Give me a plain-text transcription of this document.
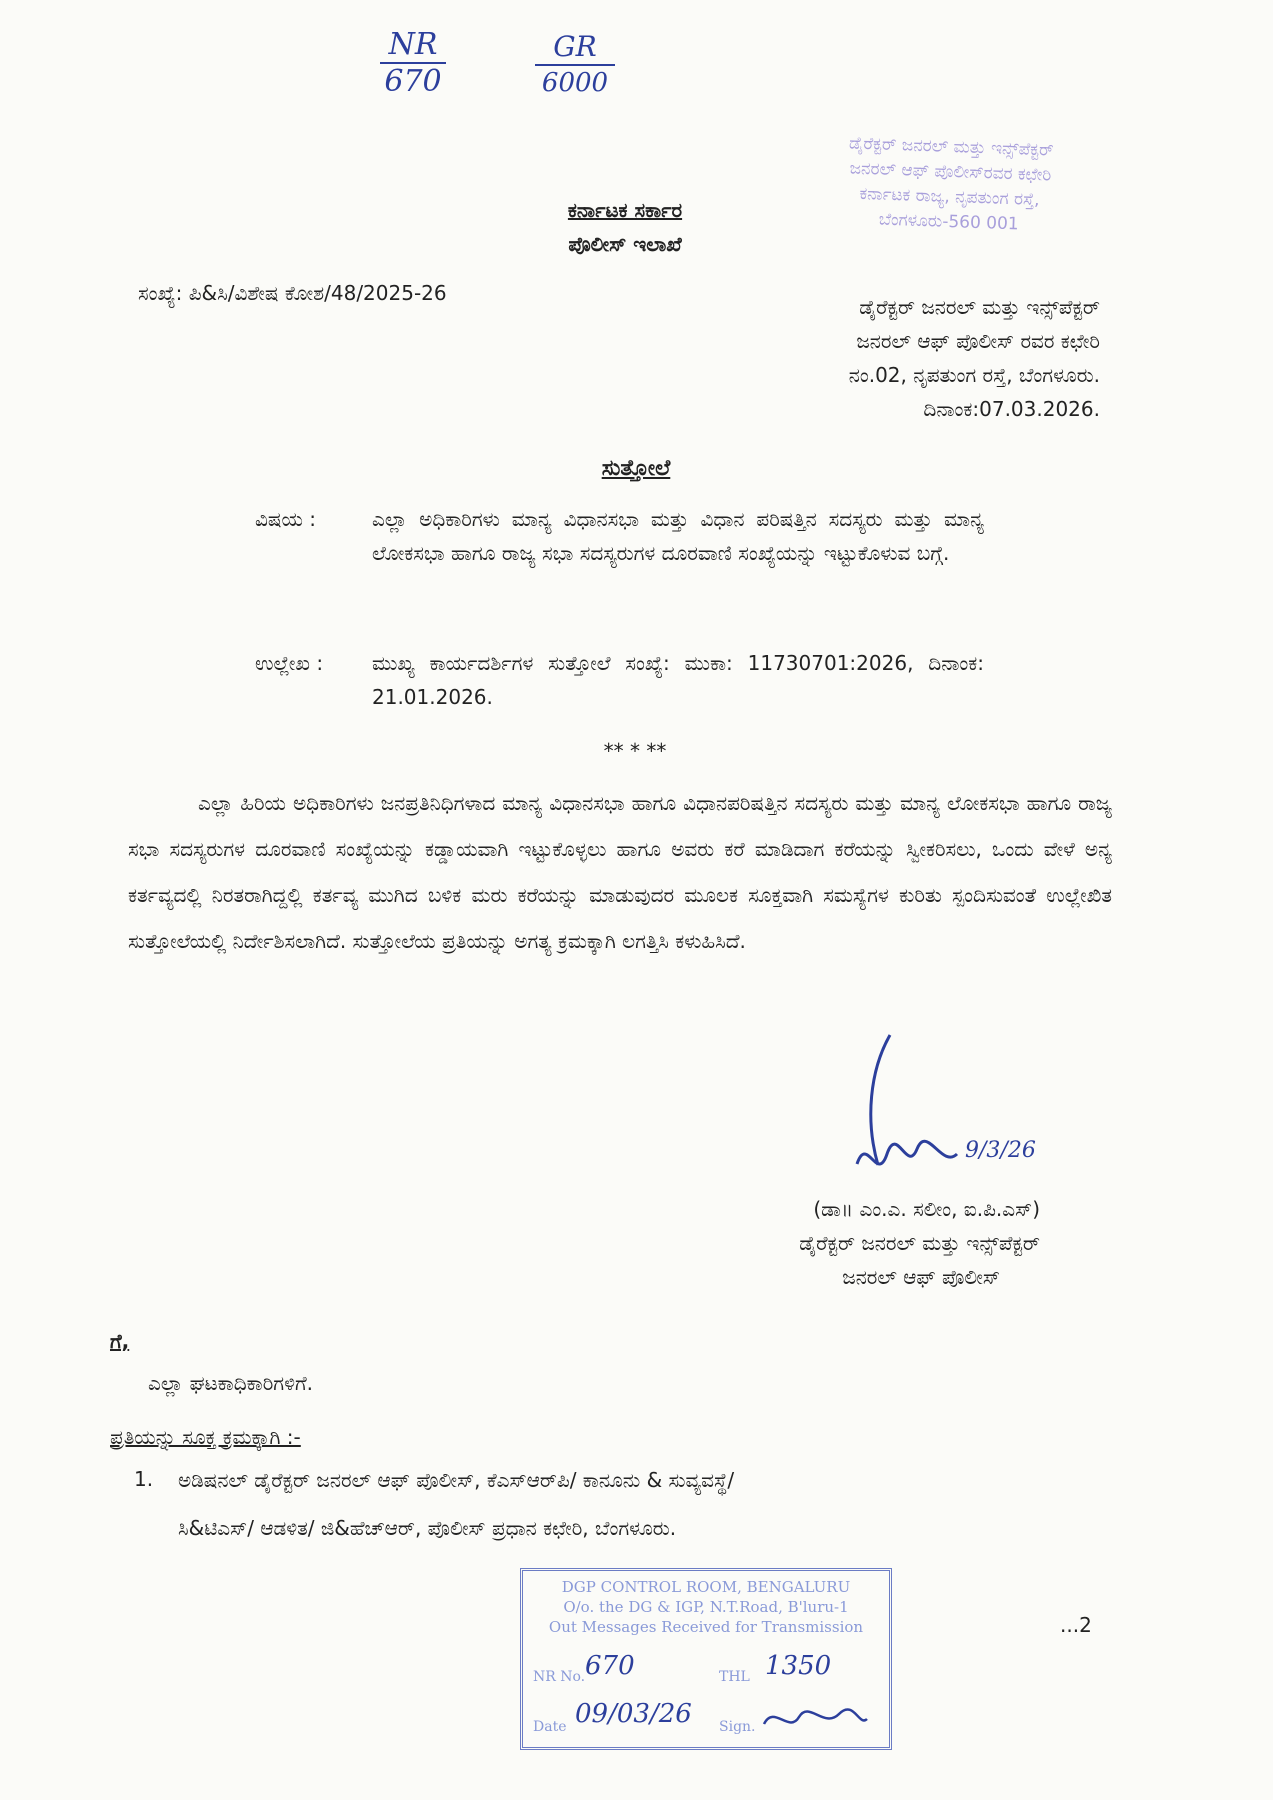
NR
670
GR
6000
ಡೈರೆಕ್ಟರ್ ಜನರಲ್ ಮತ್ತು ಇನ್ಸ್‌ಪೆಕ್ಟರ್
ಜನರಲ್ ಆಫ್ ಪೊಲೀಸ್‌ರವರ ಕಛೇರಿ
ಕರ್ನಾಟಕ ರಾಜ್ಯ, ನೃಪತುಂಗ ರಸ್ತೆ,
ಬೆಂಗಳೂರು-560 001
ಕರ್ನಾಟಕ ಸರ್ಕಾರ
ಪೊಲೀಸ್ ಇಲಾಖೆ
ಸಂಖ್ಯೆ: ಪಿ&ಸಿ/ವಿಶೇಷ ಕೋಶ/48/2025-26
ಡೈರೆಕ್ಟರ್ ಜನರಲ್ ಮತ್ತು ಇನ್ಸ್‌ಪೆಕ್ಟರ್
ಜನರಲ್ ಆಫ್ ಪೊಲೀಸ್ ರವರ ಕಛೇರಿ
ನಂ.02, ನೃಪತುಂಗ ರಸ್ತೆ, ಬೆಂಗಳೂರು.
ದಿನಾಂಕ:07.03.2026.
ಸುತ್ತೋಲೆ
ವಿಷಯ :	ಎಲ್ಲಾ ಅಧಿಕಾರಿಗಳು ಮಾನ್ಯ ವಿಧಾನಸಭಾ ಮತ್ತು ವಿಧಾನ ಪರಿಷತ್ತಿನ ಸದಸ್ಯರು ಮತ್ತು ಮಾನ್ಯ ಲೋಕಸಭಾ ಹಾಗೂ ರಾಜ್ಯ ಸಭಾ ಸದಸ್ಯರುಗಳ ದೂರವಾಣಿ ಸಂಖ್ಯೆಯನ್ನು ಇಟ್ಟುಕೊಳುವ ಬಗ್ಗೆ.
ಉಲ್ಲೇಖ :	ಮುಖ್ಯ ಕಾರ್ಯದರ್ಶಿಗಳ ಸುತ್ತೋಲೆ ಸಂಖ್ಯೆ: ಮುಕಾ: 11730701:2026, ದಿನಾಂಕ: 21.01.2026.
** * **
ಎಲ್ಲಾ ಹಿರಿಯ ಅಧಿಕಾರಿಗಳು ಜನಪ್ರತಿನಿಧಿಗಳಾದ ಮಾನ್ಯ ವಿಧಾನಸಭಾ ಹಾಗೂ ವಿಧಾನಪರಿಷತ್ತಿನ ಸದಸ್ಯರು ಮತ್ತು ಮಾನ್ಯ ಲೋಕಸಭಾ ಹಾಗೂ ರಾಜ್ಯ ಸಭಾ ಸದಸ್ಯರುಗಳ ದೂರವಾಣಿ ಸಂಖ್ಯೆಯನ್ನು ಕಡ್ಡಾಯವಾಗಿ ಇಟ್ಟುಕೊಳ್ಳಲು ಹಾಗೂ ಅವರು ಕರೆ ಮಾಡಿದಾಗ ಕರೆಯನ್ನು ಸ್ವೀಕರಿಸಲು, ಒಂದು ವೇಳೆ ಅನ್ಯ ಕರ್ತವ್ಯದಲ್ಲಿ ನಿರತರಾಗಿದ್ದಲ್ಲಿ ಕರ್ತವ್ಯ ಮುಗಿದ ಬಳಿಕ ಮರು ಕರೆಯನ್ನು ಮಾಡುವುದರ ಮೂಲಕ ಸೂಕ್ತವಾಗಿ ಸಮಸ್ಯೆಗಳ ಕುರಿತು ಸ್ಪಂದಿಸುವಂತೆ ಉಲ್ಲೇಖಿತ ಸುತ್ತೋಲೆಯಲ್ಲಿ ನಿರ್ದೇಶಿಸಲಾಗಿದೆ. ಸುತ್ತೋಲೆಯ ಪ್ರತಿಯನ್ನು ಅಗತ್ಯ ಕ್ರಮಕ್ಕಾಗಿ ಲಗತ್ತಿಸಿ ಕಳುಹಿಸಿದೆ.
9/3/26
(ಡಾ॥ ಎಂ.ಎ. ಸಲೀಂ, ಐ.ಪಿ.ಎಸ್)
ಡೈರೆಕ್ಟರ್ ಜನರಲ್ ಮತ್ತು ಇನ್ಸ್‌ಪೆಕ್ಟರ್
ಜನರಲ್ ಆಫ್ ಪೊಲೀಸ್
ಗೆ,
ಎಲ್ಲಾ ಘಟಕಾಧಿಕಾರಿಗಳಿಗೆ.
ಪ್ರತಿಯನ್ನು ಸೂಕ್ತ ಕ್ರಮಕ್ಕಾಗಿ :-
1. ಅಡಿಷನಲ್ ಡೈರೆಕ್ಟರ್ ಜನರಲ್ ಆಫ್ ಪೊಲೀಸ್, ಕೆಎಸ್‌ಆರ್‌ಪಿ/ ಕಾನೂನು & ಸುವ್ಯವಸ್ಥೆ/
ಸಿ&ಟಿಎಸ್/ ಆಡಳಿತ/ ಜಿ&ಹೆಚ್‌ಆರ್, ಪೊಲೀಸ್ ಪ್ರಧಾನ ಕಛೇರಿ, ಬೆಂಗಳೂರು.
DGP CONTROL ROOM, BENGALURU
O/o. the DG & IGP, N.T.Road, B'luru-1
Out Messages Received for Transmission
NR No. 670	THL 1350
Date 09/03/26 Sign.
...2
